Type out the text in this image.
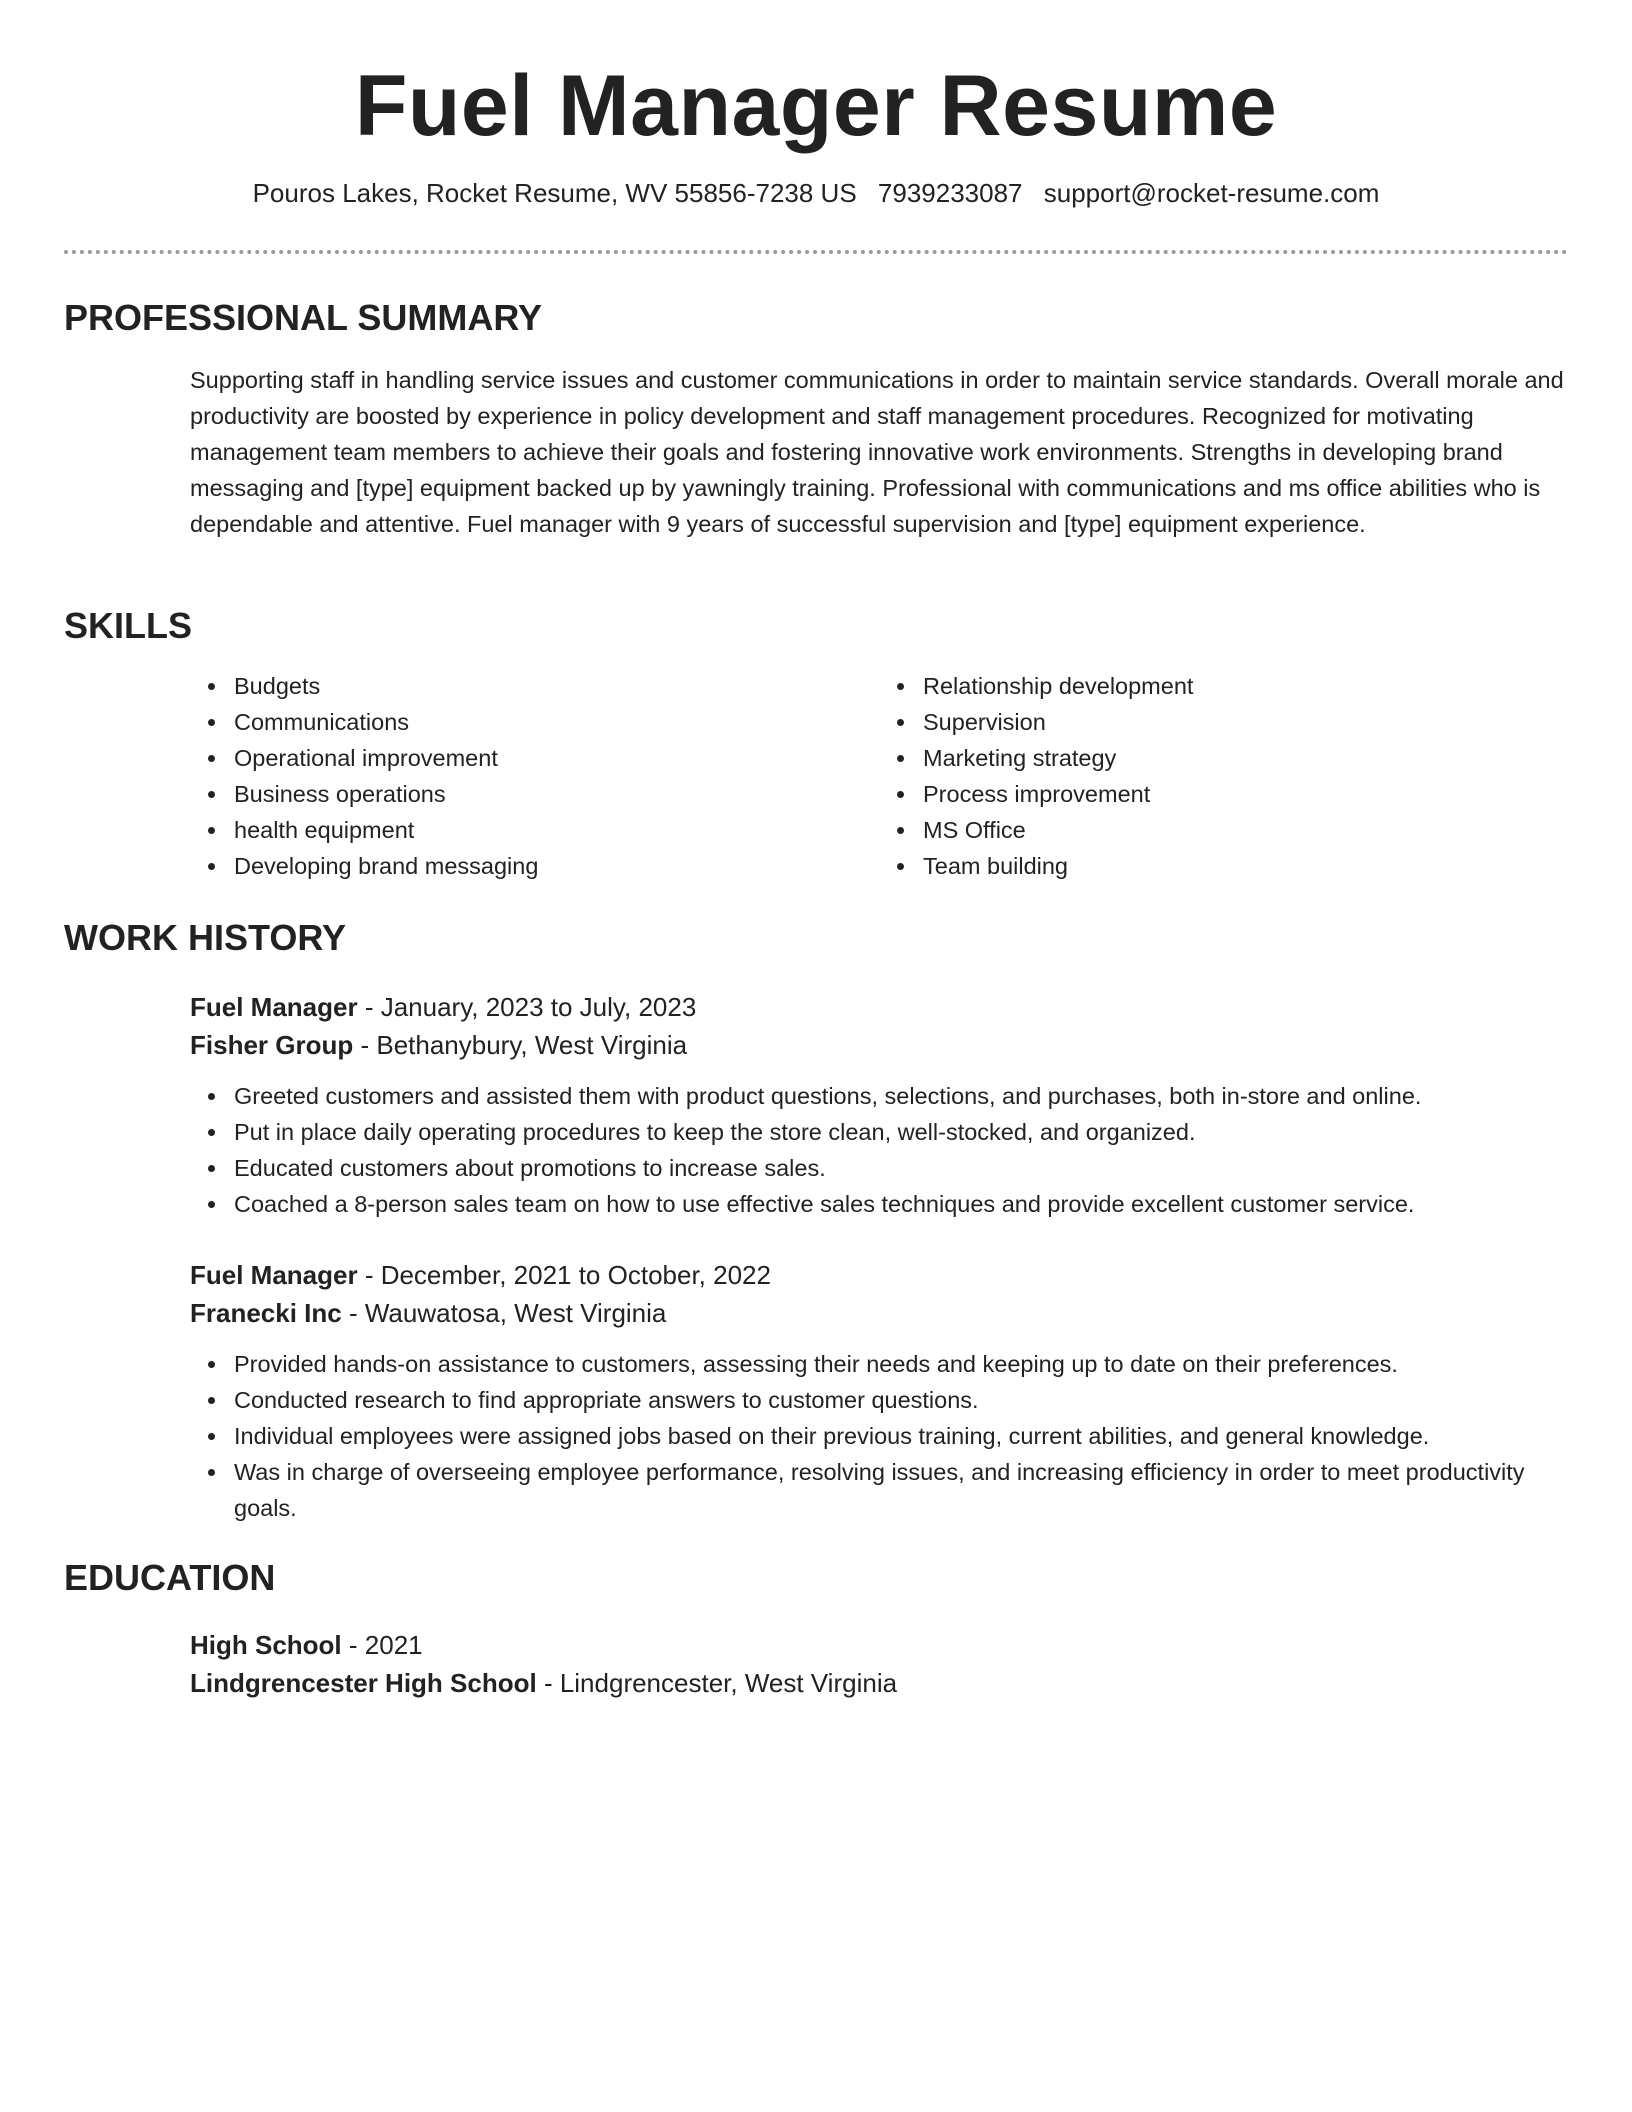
Fuel Manager Resume
Pouros Lakes, Rocket Resume, WV 55856-7238 US 7939233087 support@rocket-resume.com
PROFESSIONAL SUMMARY

Supporting staff in handling service issues and customer communications in order to maintain service standards. Overall morale and productivity are boosted by experience in policy development and staff management procedures. Recognized for motivating management team members to achieve their goals and fostering innovative work environments. Strengths in developing brand messaging and [type] equipment backed up by yawningly training. Professional with communications and ms office abilities who is dependable and attentive. Fuel manager with 9 years of successful supervision and [type] equipment experience.

SKILLS
Budgets
Communications
Operational improvement
Business operations
health equipment
Developing brand messaging
Relationship development
Supervision
Marketing strategy
Process improvement
MS Office
Team building
WORK HISTORY

Fuel Manager - January, 2023 to July, 2023

Fisher Group - Bethanybury, West Virginia

Greeted customers and assisted them with product questions, selections, and purchases, both in-store and online.
Put in place daily operating procedures to keep the store clean, well-stocked, and organized.
Educated customers about promotions to increase sales.
Coached a 8-person sales team on how to use effective sales techniques and provide excellent customer service.

Fuel Manager - December, 2021 to October, 2022

Franecki Inc - Wauwatosa, West Virginia

Provided hands-on assistance to customers, assessing their needs and keeping up to date on their preferences.
Conducted research to find appropriate answers to customer questions.
Individual employees were assigned jobs based on their previous training, current abilities, and general knowledge.
Was in charge of overseeing employee performance, resolving issues, and increasing efficiency in order to meet productivity goals.
EDUCATION

High School - 2021

Lindgrencester High School - Lindgrencester, West Virginia
